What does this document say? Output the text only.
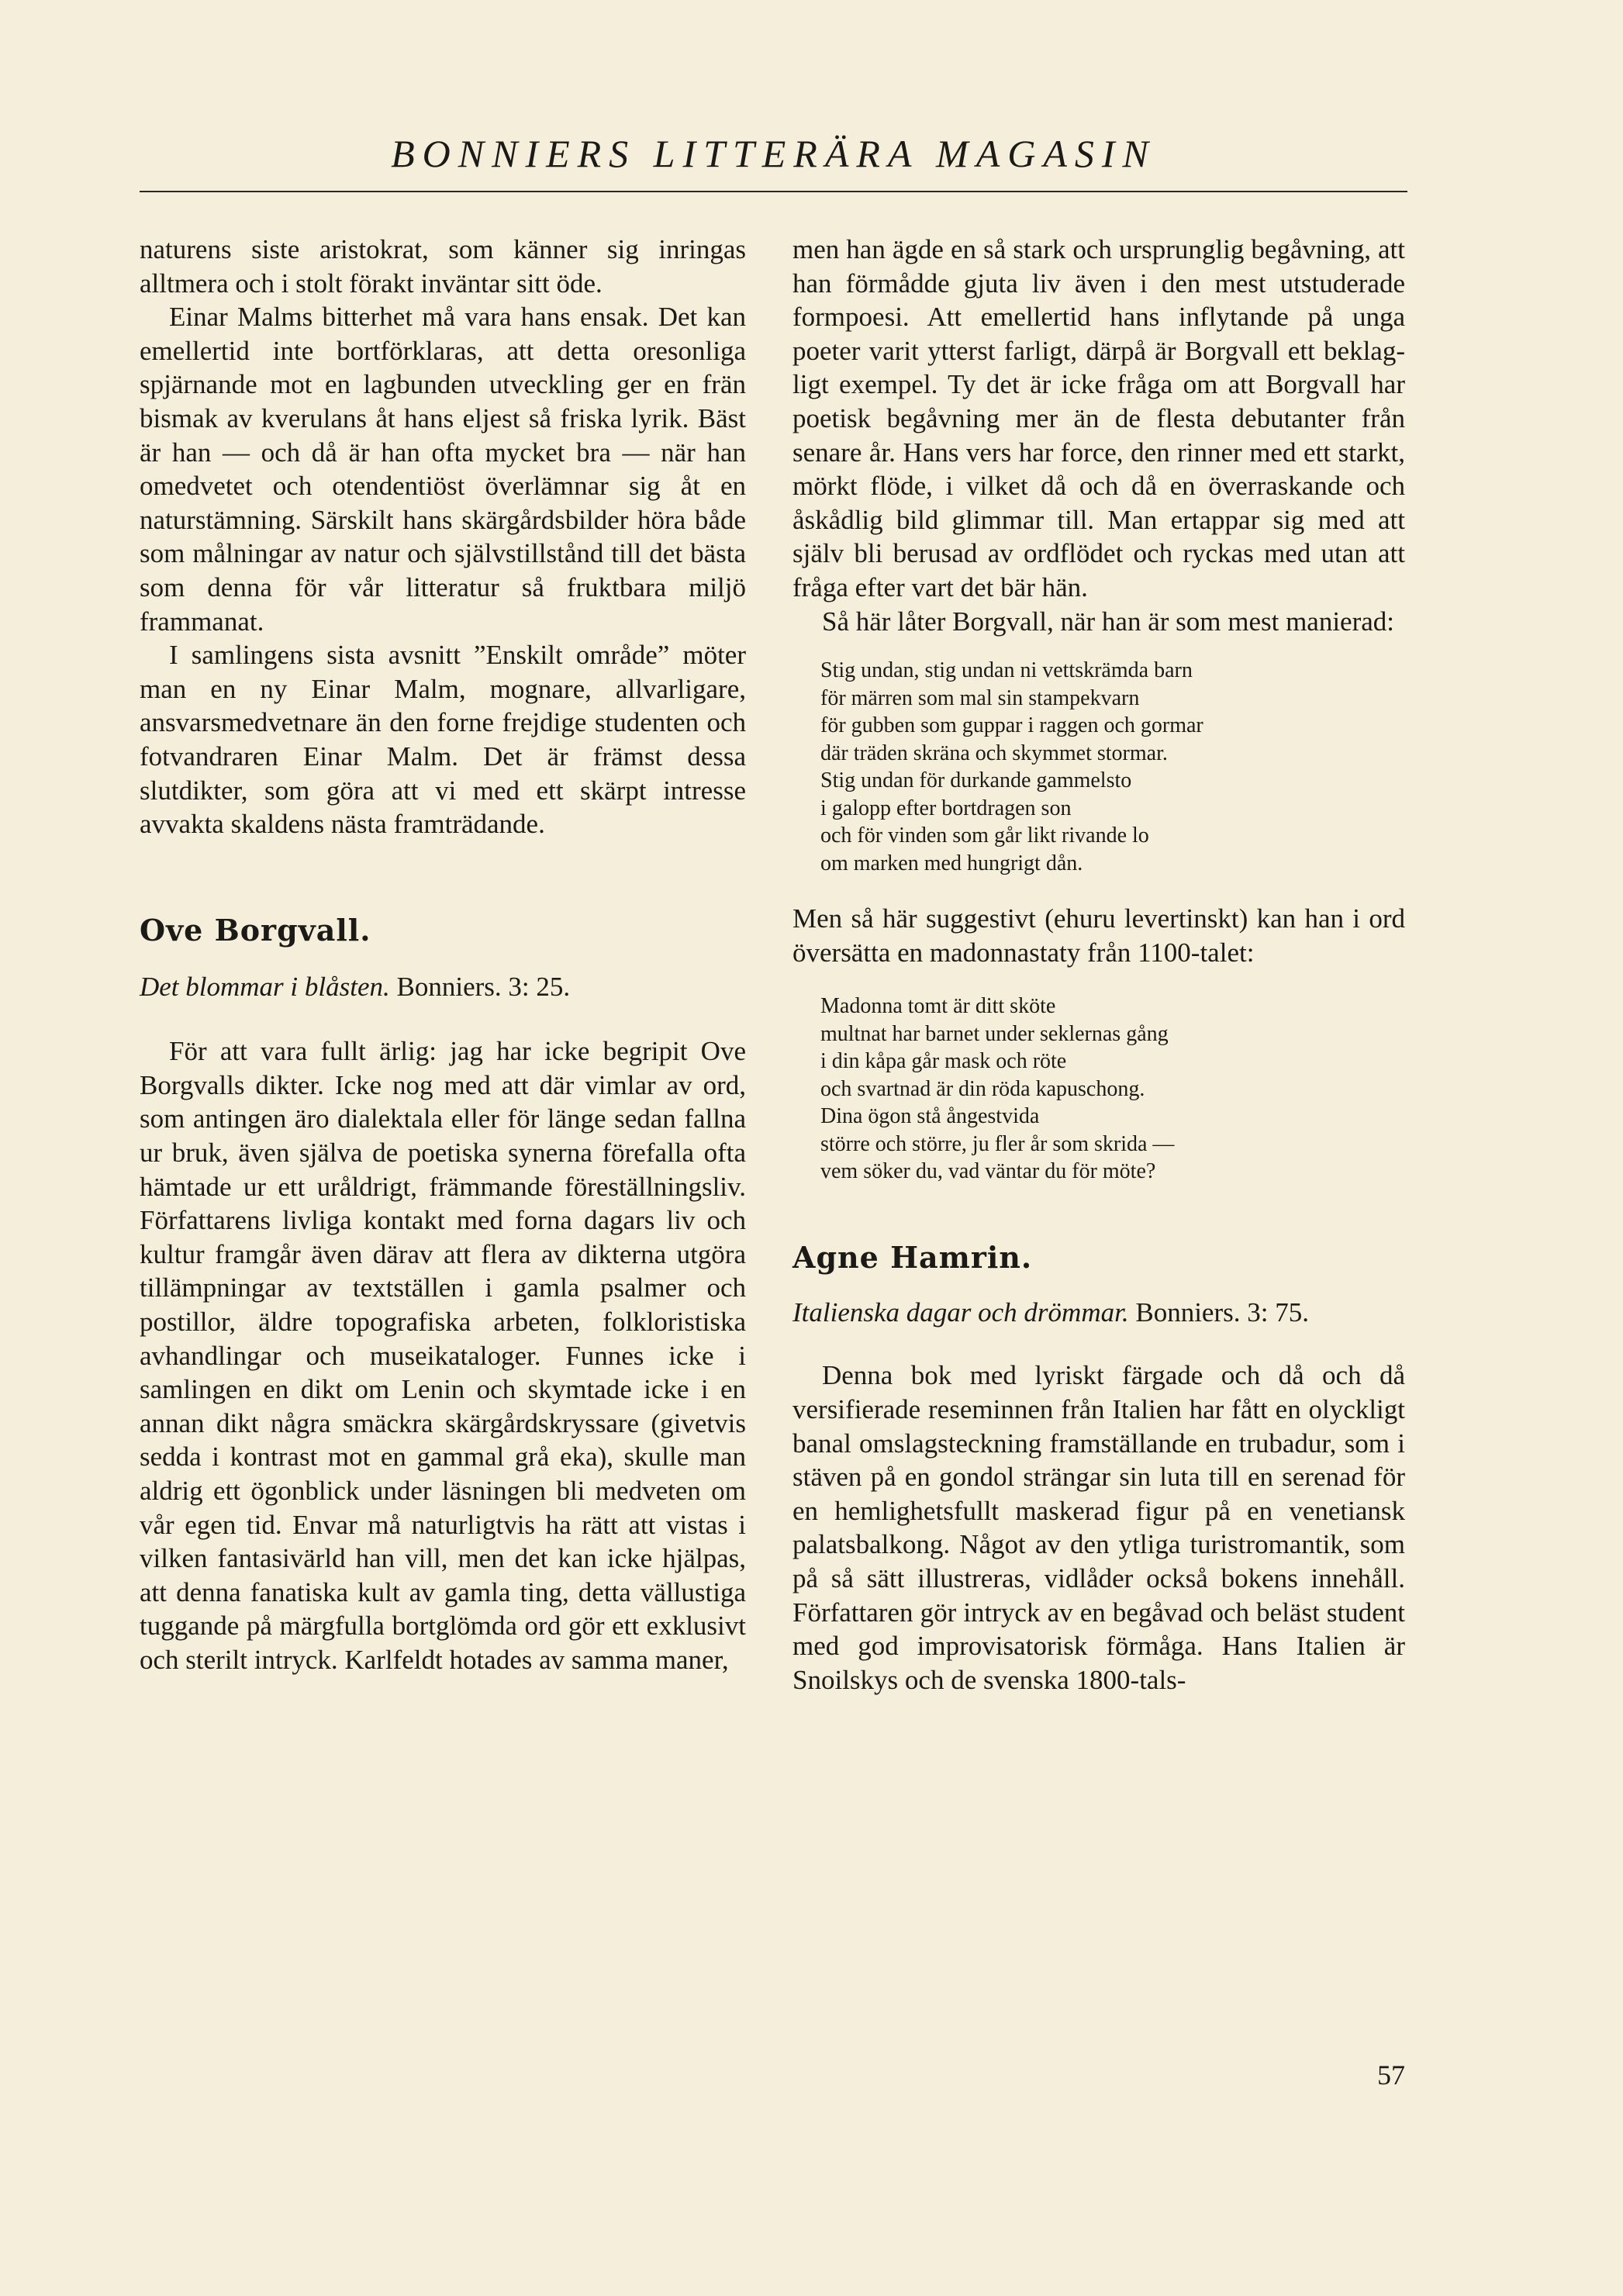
BONNIERS LITTERÄRA MAGASIN

naturens siste aristokrat, som känner sig inringas alltmera och i stolt förakt inväntar sitt öde.

Einar Malms bitterhet må vara hans ensak. Det kan emellertid inte bortförklaras, att detta oresonliga spjärnande mot en lagbunden utveckling ger en frän bismak av kverulans åt hans eljest så friska lyrik. Bäst är han — och då är han ofta mycket bra — när han omedvetet och otendentiöst överlämnar sig åt en naturstämning. Särskilt hans skärgårdsbilder höra både som målningar av natur och självstillstånd till det bästa som denna för vår litteratur så fruktbara miljö frammanat.

I samlingens sista avsnitt ”Enskilt område” möter man en ny Einar Malm, mognare, allvarligare, ansvarsmedvetnare än den forne frejdige studenten och fotvandraren Einar Malm. Det är främst dessa slutdikter, som göra att vi med ett skärpt intresse avvakta skaldens nästa framträdande.

Ove Borgvall.

Det blommar i blåsten. Bonniers. 3: 25.

För att vara fullt ärlig: jag har icke begripit Ove Borgvalls dikter. Icke nog med att där vimlar av ord, som antingen äro dialektala eller för länge sedan fallna ur bruk, även själva de poetiska synerna förefalla ofta hämtade ur ett uråldrigt, främmande föreställningsliv. Författarens livliga kontakt med forna dagars liv och kultur framgår även därav att flera av dikterna utgöra tillämpningar av textställen i gamla psalmer och postillor, äldre topografiska arbeten, folkloristiska avhandlingar och museikataloger. Funnes icke i samlingen en dikt om Lenin och skymtade icke i en annan dikt några smäckra skärgårdskryssare (givetvis sedda i kontrast mot en gammal grå eka), skulle man aldrig ett ögonblick under läsningen bli medveten om vår egen tid. Envar må naturligtvis ha rätt att vistas i vilken fantasivärld han vill, men det kan icke hjälpas, att denna fanatiska kult av gamla ting, detta vällustiga tuggande på märgfulla bortglömda ord gör ett exklusivt och sterilt intryck. Karlfeldt hotades av samma maner,

men han ägde en så stark och ursprunglig begåvning, att han förmådde gjuta liv även i den mest utstuderade formpoesi. Att emellertid hans inflytande på unga poeter varit ytterst farligt, därpå är Borgvall ett beklagligt exempel. Ty det är icke fråga om att Borgvall har poetisk begåvning mer än de flesta debutanter från senare år. Hans vers har force, den rinner med ett starkt, mörkt flöde, i vilket då och då en överraskande och åskådlig bild glimmar till. Man ertappar sig med att själv bli berusad av ordflödet och ryckas med utan att fråga efter vart det bär hän.

Så här låter Borgvall, när han är som mest manierad:

Stig undan, stig undan ni vettskrämda barn
för märren som mal sin stampekvarn
för gubben som guppar i raggen och gormar
där träden skräna och skymmet stormar.
Stig undan för durkande gammelsto
i galopp efter bortdragen son
och för vinden som går likt rivande lo
om marken med hungrigt dån.

Men så här suggestivt (ehuru levertinskt) kan han i ord översätta en madonnastaty från 1100-talet:

Madonna tomt är ditt sköte
multnat har barnet under seklernas gång
i din kåpa går mask och röte
och svartnad är din röda kapuschong.
Dina ögon stå ångestvida
större och större, ju fler år som skrida —
vem söker du, vad väntar du för möte?
Agne Hamrin.

Italienska dagar och drömmar. Bonniers. 3: 75.

Denna bok med lyriskt färgade och då och då versifierade reseminnen från Italien har fått en olyckligt banal omslagsteckning framställande en trubadur, som i stäven på en gondol strängar sin luta till en serenad för en hemlighetsfullt maskerad figur på en venetiansk palatsbalkong. Något av den ytliga turistromantik, som på så sätt illustreras, vidlåder också bokens innehåll. Författaren gör intryck av en begåvad och beläst student med god improvisatorisk förmåga. Hans Italien är Snoilskys och de svenska 1800-tals-

57
